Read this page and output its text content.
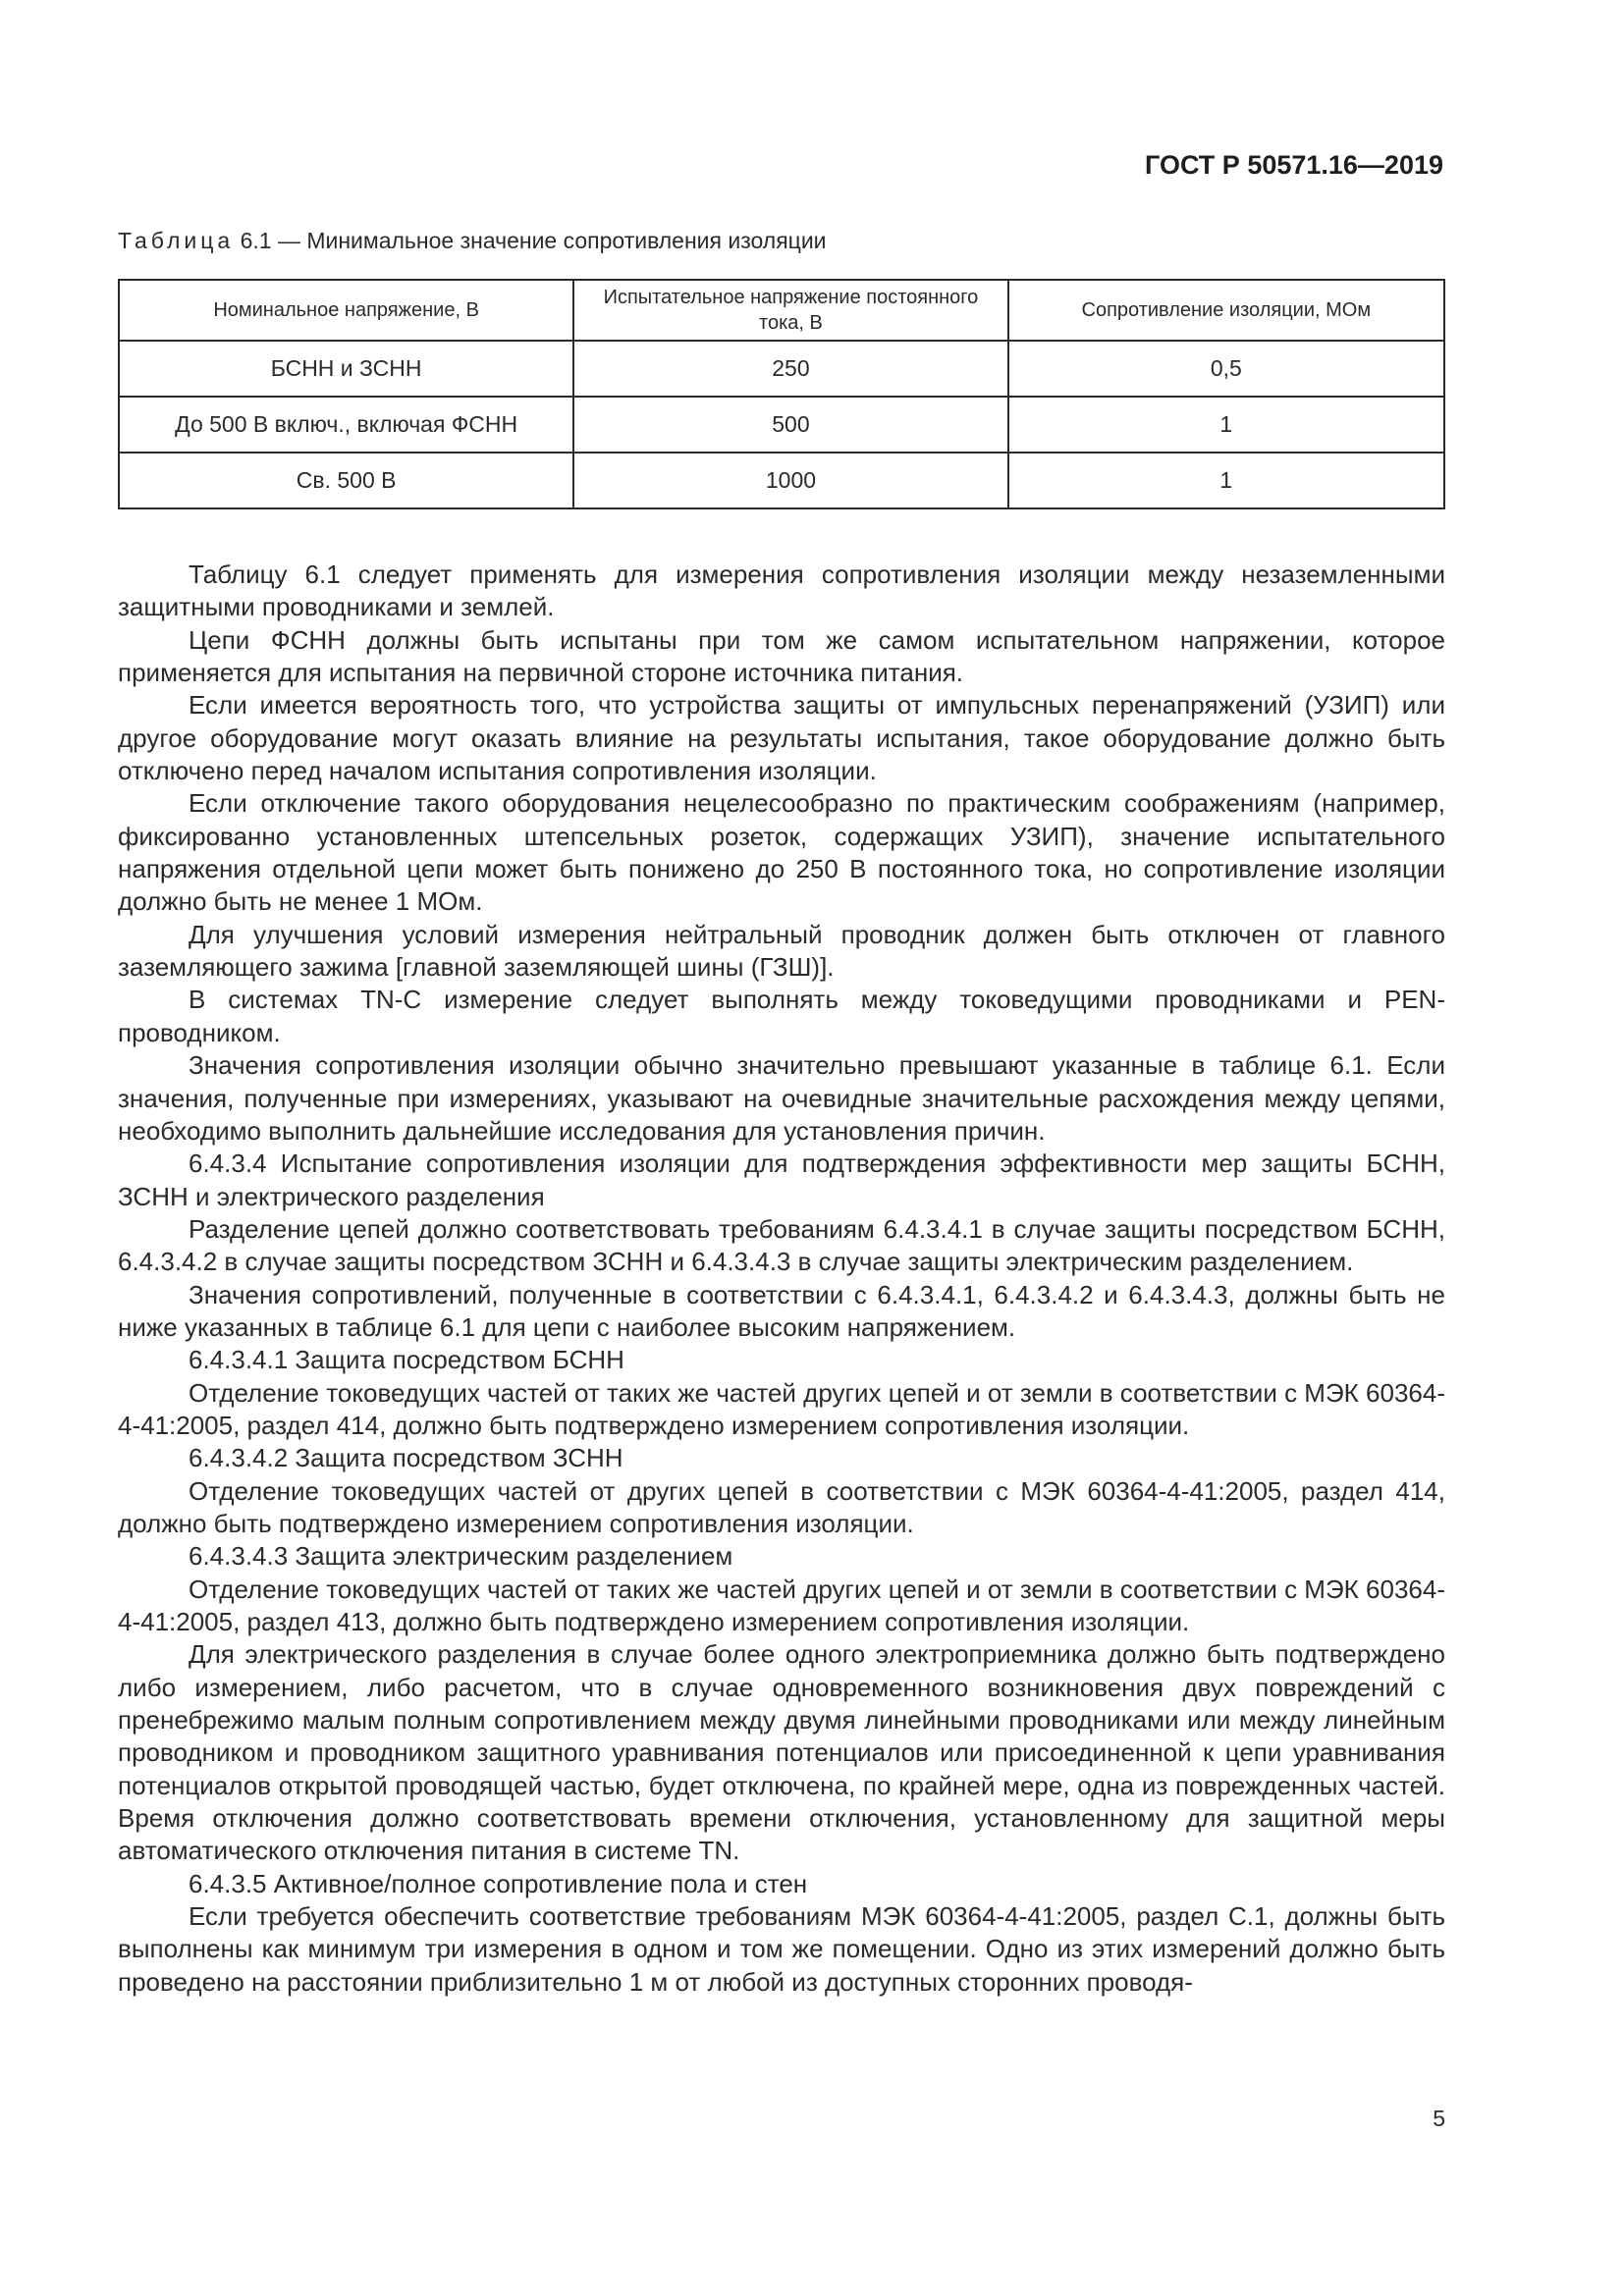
ГОСТ Р 50571.16—2019
Таблица 6.1 — Минимальное значение сопротивления изоляции
Номинальное напряжение, В	Испытательное напряжение постоянного тока, В	Сопротивление изоляции, МОм
БСНН и ЗСНН	250	0,5
До 500 В включ., включая ФСНН	500	1
Св. 500 В	1000	1

Таблицу 6.1 следует применять для измерения сопротивления изоляции между незаземленными защитными проводниками и землей.

Цепи ФСНН должны быть испытаны при том же самом испытательном напряжении, которое применяется для испытания на первичной стороне источника питания.

Если имеется вероятность того, что устройства защиты от импульсных перенапряжений (УЗИП) или другое оборудование могут оказать влияние на результаты испытания, такое оборудование должно быть отключено перед началом испытания сопротивления изоляции.

Если отключение такого оборудования нецелесообразно по практическим соображениям (например, фиксированно установленных штепсельных розеток, содержащих УЗИП), значение испытательного напряжения отдельной цепи может быть понижено до 250 В постоянного тока, но сопротивление изоляции должно быть не менее 1 МОм.

Для улучшения условий измерения нейтральный проводник должен быть отключен от главного заземляющего зажима [главной заземляющей шины (ГЗШ)].

В системах TN-C измерение следует выполнять между токоведущими проводниками и PEN-проводником.

Значения сопротивления изоляции обычно значительно превышают указанные в таблице 6.1. Если значения, полученные при измерениях, указывают на очевидные значительные расхождения между цепями, необходимо выполнить дальнейшие исследования для установления причин.

6.4.3.4 Испытание сопротивления изоляции для подтверждения эффективности мер защиты БСНН, ЗСНН и электрического разделения

Разделение цепей должно соответствовать требованиям 6.4.3.4.1 в случае защиты посредством БСНН, 6.4.3.4.2 в случае защиты посредством ЗСНН и 6.4.3.4.3 в случае защиты электрическим разделением.

Значения сопротивлений, полученные в соответствии с 6.4.3.4.1, 6.4.3.4.2 и 6.4.3.4.3, должны быть не ниже указанных в таблице 6.1 для цепи с наиболее высоким напряжением.

6.4.3.4.1 Защита посредством БСНН

Отделение токоведущих частей от таких же частей других цепей и от земли в соответствии с МЭК 60364-4-41:2005, раздел 414, должно быть подтверждено измерением сопротивления изоляции.

6.4.3.4.2 Защита посредством ЗСНН

Отделение токоведущих частей от других цепей в соответствии с МЭК 60364-4-41:2005, раздел 414, должно быть подтверждено измерением сопротивления изоляции.

6.4.3.4.3 Защита электрическим разделением

Отделение токоведущих частей от таких же частей других цепей и от земли в соответствии с МЭК 60364-4-41:2005, раздел 413, должно быть подтверждено измерением сопротивления изоляции.

Для электрического разделения в случае более одного электроприемника должно быть подтверждено либо измерением, либо расчетом, что в случае одновременного возникновения двух повреждений с пренебрежимо малым полным сопротивлением между двумя линейными проводниками или между линейным проводником и проводником защитного уравнивания потенциалов или присоединенной к цепи уравнивания потенциалов открытой проводящей частью, будет отключена, по крайней мере, одна из поврежденных частей. Время отключения должно соответствовать времени отключения, установленному для защитной меры автоматического отключения питания в системе TN.

6.4.3.5 Активное/полное сопротивление пола и стен

Если требуется обеспечить соответствие требованиям МЭК 60364-4-41:2005, раздел С.1, должны быть выполнены как минимум три измерения в одном и том же помещении. Одно из этих измерений должно быть проведено на расстоянии приблизительно 1 м от любой из доступных сторонних проводя-

5
